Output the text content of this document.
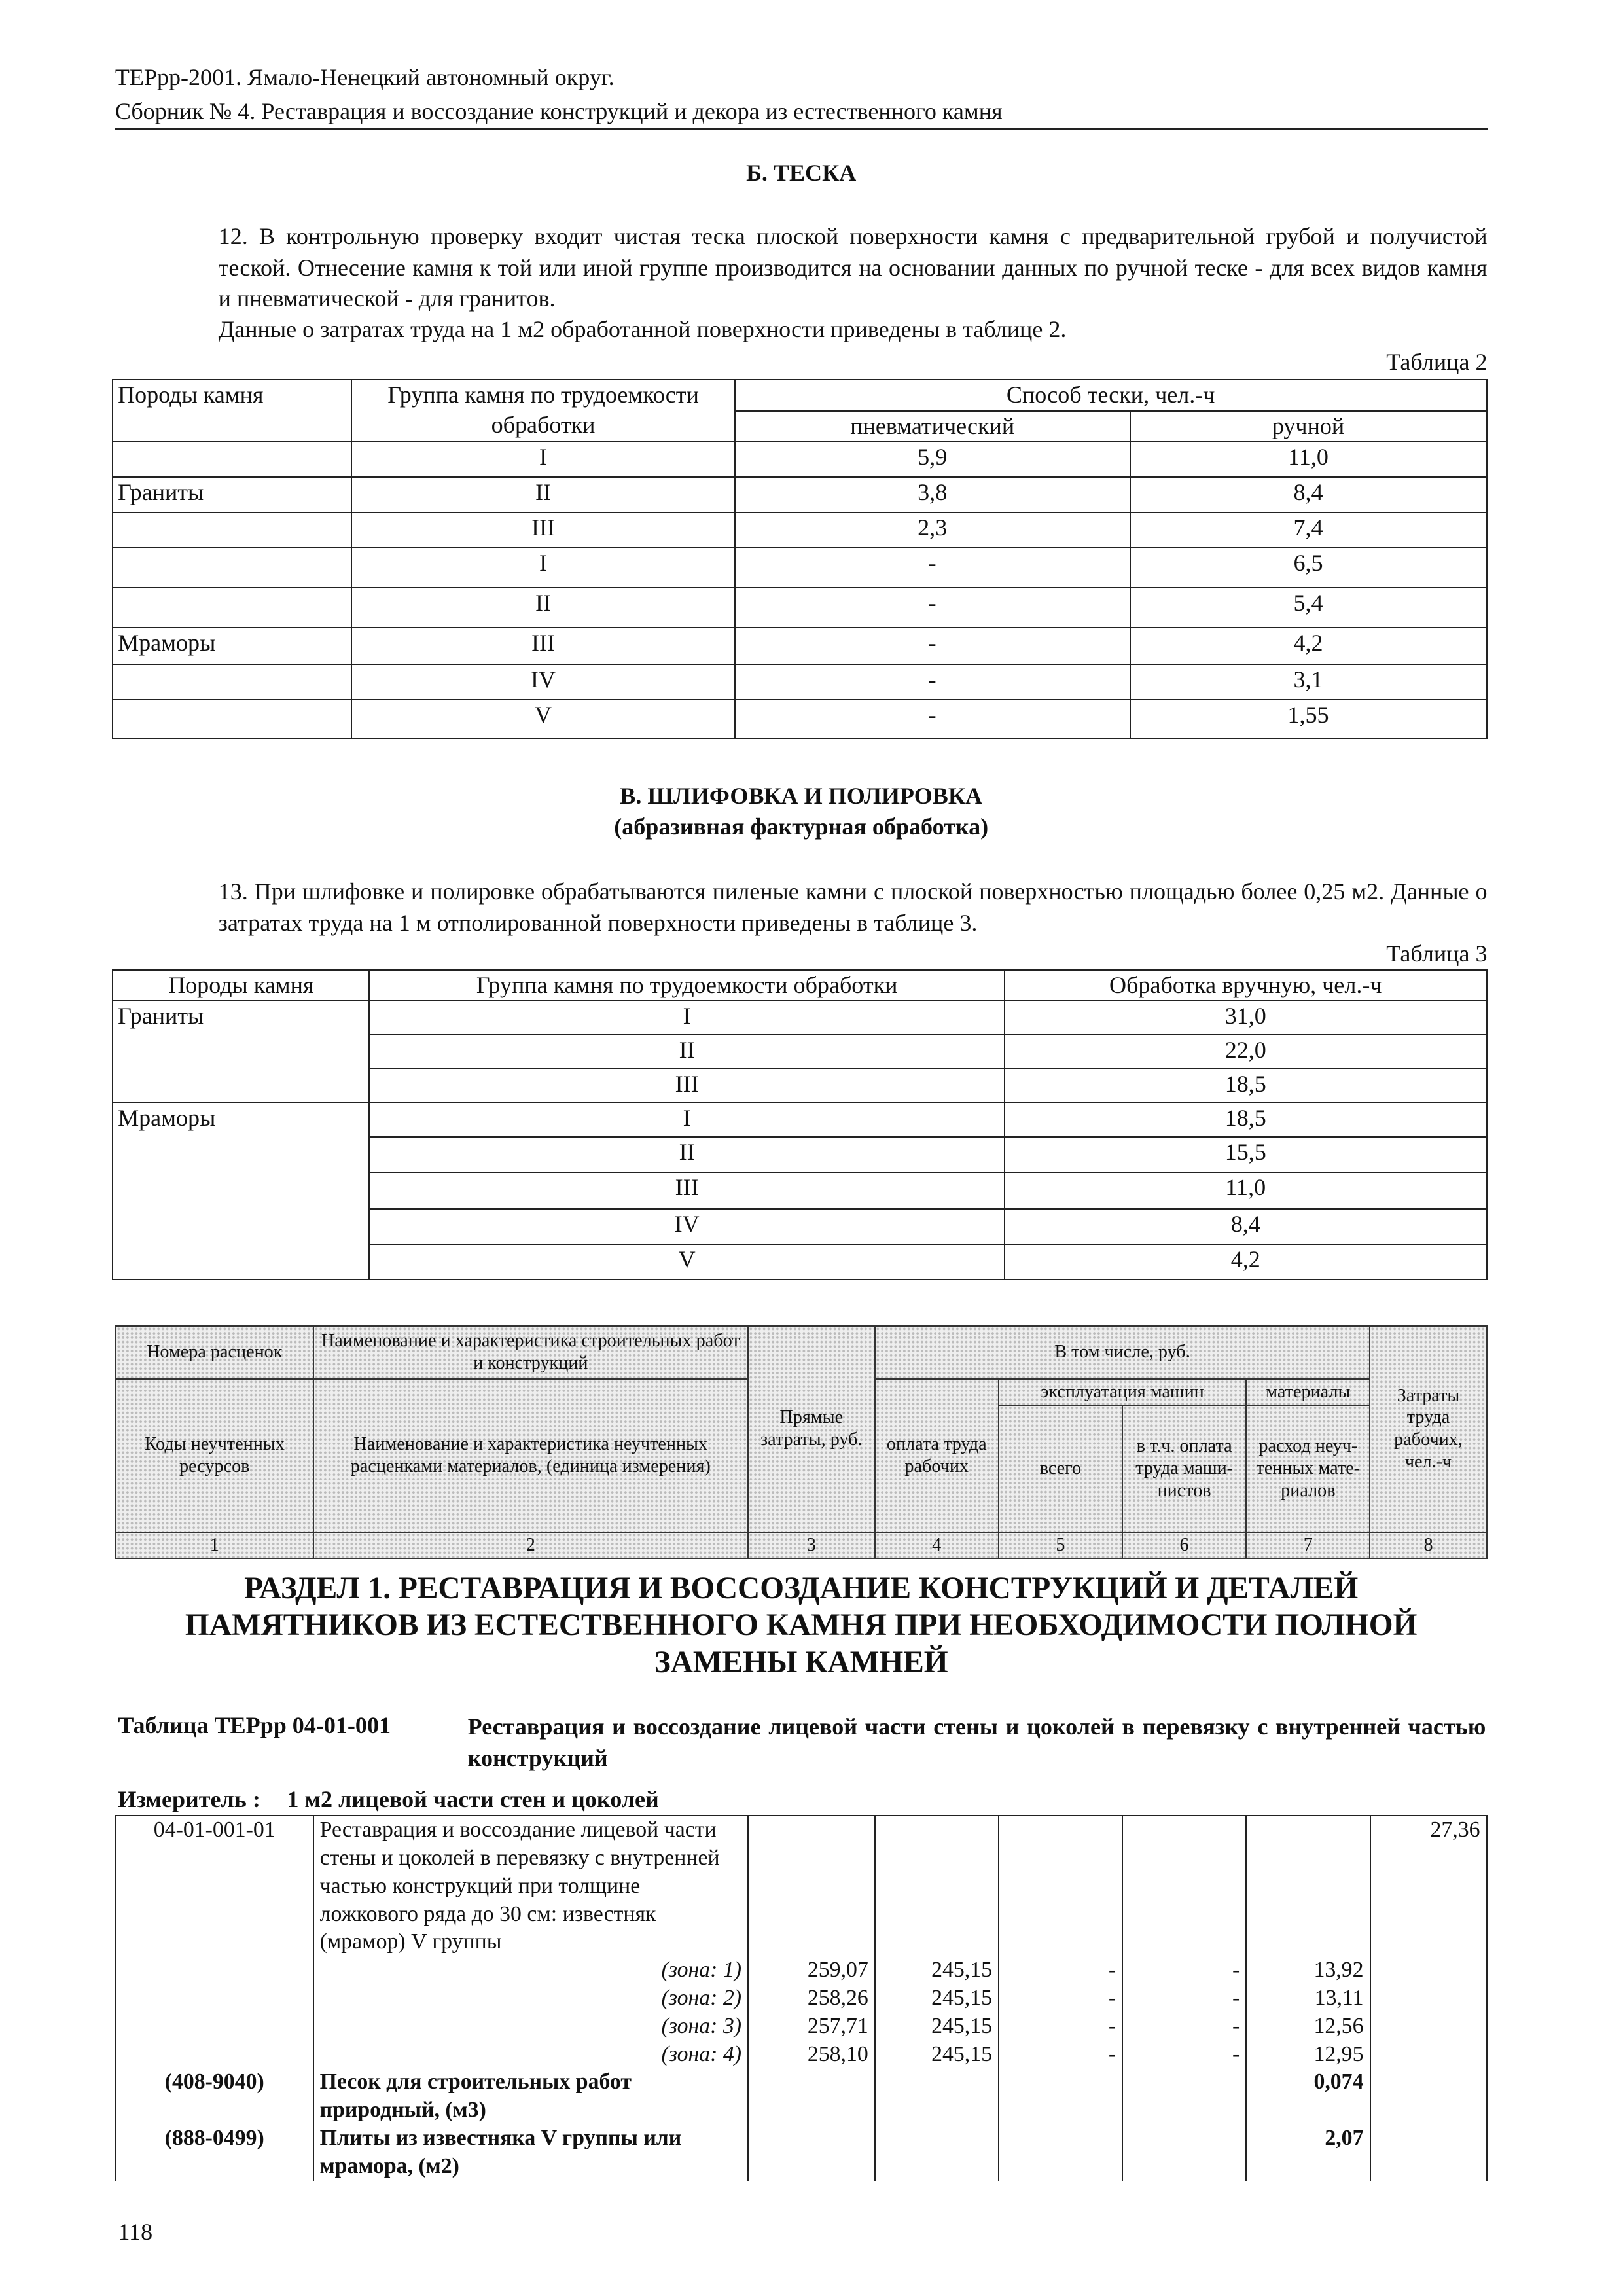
ТЕРрр-2001. Ямало-Ненецкий автономный округ.
Сборник № 4. Реставрация и воссоздание конструкций и декора из естественного камня
Б. ТЕСКА
12. В контрольную проверку входит чистая теска плоской поверхности камня с предварительной грубой и получистой теской. Отнесение камня к той или иной группе производится на основании данных по ручной теске - для всех видов камня и пневматической - для гранитов.
Данные о затратах труда на 1 м2 обработанной поверхности приведены в таблице 2.
Таблица 2
Породы камня	Группа камня по трудоемкости обработки	Способ тески, чел.-ч	
		пневматический	ручной
	I	5,9	11,0
Граниты	II	3,8	8,4
	III	2,3	7,4
	I	-	6,5
	II	-	5,4
Мраморы	III	-	4,2
	IV	-	3,1
	V	-	1,55
В. ШЛИФОВКА И ПОЛИРОВКА
(абразивная фактурная обработка)
13. При шлифовке и полировке обрабатываются пиленые камни с плоской поверхностью площадью более 0,25 м2. Данные о затратах труда на 1 м отполированной поверхности приведены в таблице 3.
Таблица 3
Породы камня	Группа камня по трудоемкости обработки	Обработка вручную, чел.-ч
Граниты	I	31,0
	II	22,0
	III	18,5
Мраморы	I	18,5
	II	15,5
	III	11,0
	IV	8,4
	V	4,2
Номера расценок	Наименование и характеристика строительных работ и конструкций	Прямые затраты, руб.	В том числе, руб.				Затраты труда рабочих, чел.-ч
Коды неучтенных ресурсов	Наименование и характеристика неучтенных расценками материалов, (единица измерения)		оплата труда рабочих	эксплуатация машин		материалы	
				всего	в т.ч. оплата труда маши-нистов	расход неуч-тенных мате-риалов	
1	2	3	4	5	6	7	8
РАЗДЕЛ 1. РЕСТАВРАЦИЯ И ВОССОЗДАНИЕ КОНСТРУКЦИЙ И ДЕТАЛЕЙ ПАМЯТНИКОВ ИЗ ЕСТЕСТВЕННОГО КАМНЯ ПРИ НЕОБХОДИМОСТИ ПОЛНОЙ ЗАМЕНЫ КАМНЕЙ
Таблица ТЕРрр 04-01-001	Реставрация и воссоздание лицевой части стены и цоколей в перевязку с внутренней частью конструкций
Измеритель :	1 м2 лицевой части стен и цоколей
04-01-001-01	Реставрация и воссоздание лицевой части стены и цоколей в перевязку с внутренней частью конструкций при толщине ложкового ряда до 30 см: известняк (мрамор) V группы						27,36
	(зона: 1)	259,07	245,15	-	-	13,92	
	(зона: 2)	258,26	245,15	-	-	13,11	
	(зона: 3)	257,71	245,15	-	-	12,56	
	(зона: 4)	258,10	245,15	-	-	12,95	
(408-9040)	Песок для строительных работ природный, (м3)					0,074	
(888-0499)	Плиты из известняка V группы или мрамора, (м2)					2,07	
118
